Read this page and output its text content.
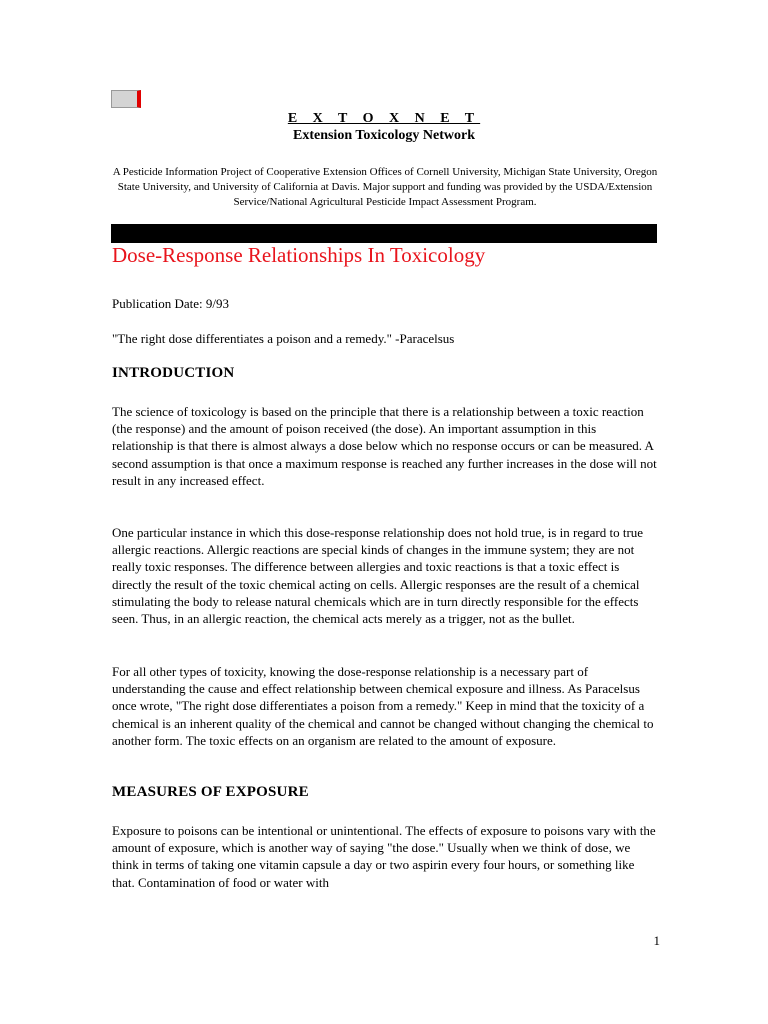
E X T O X N E T
Extension Toxicology Network
A Pesticide Information Project of Cooperative Extension Offices of Cornell University, Michigan State University, Oregon State University, and University of California at Davis. Major support and funding was provided by the USDA/Extension Service/National Agricultural Pesticide Impact Assessment Program.
Dose-Response Relationships In Toxicology

Publication Date: 9/93

"The right dose differentiates a poison and a remedy." -Paracelsus

INTRODUCTION

The science of toxicology is based on the principle that there is a relationship between a toxic reaction (the response) and the amount of poison received (the dose). An important assumption in this relationship is that there is almost always a dose below which no response occurs or can be measured. A second assumption is that once a maximum response is reached any further increases in the dose will not result in any increased effect.

One particular instance in which this dose-response relationship does not hold true, is in regard to true allergic reactions. Allergic reactions are special kinds of changes in the immune system; they are not really toxic responses. The difference between allergies and toxic reactions is that a toxic effect is directly the result of the toxic chemical acting on cells. Allergic responses are the result of a chemical stimulating the body to release natural chemicals which are in turn directly responsible for the effects seen. Thus, in an allergic reaction, the chemical acts merely as a trigger, not as the bullet.

For all other types of toxicity, knowing the dose-response relationship is a necessary part of understanding the cause and effect relationship between chemical exposure and illness. As Paracelsus once wrote, "The right dose differentiates a poison from a remedy." Keep in mind that the toxicity of a chemical is an inherent quality of the chemical and cannot be changed without changing the chemical to another form. The toxic effects on an organism are related to the amount of exposure.

MEASURES OF EXPOSURE

Exposure to poisons can be intentional or unintentional. The effects of exposure to poisons vary with the amount of exposure, which is another way of saying "the dose." Usually when we think of dose, we think in terms of taking one vitamin capsule a day or two aspirin every four hours, or something like that. Contamination of food or water with

1
